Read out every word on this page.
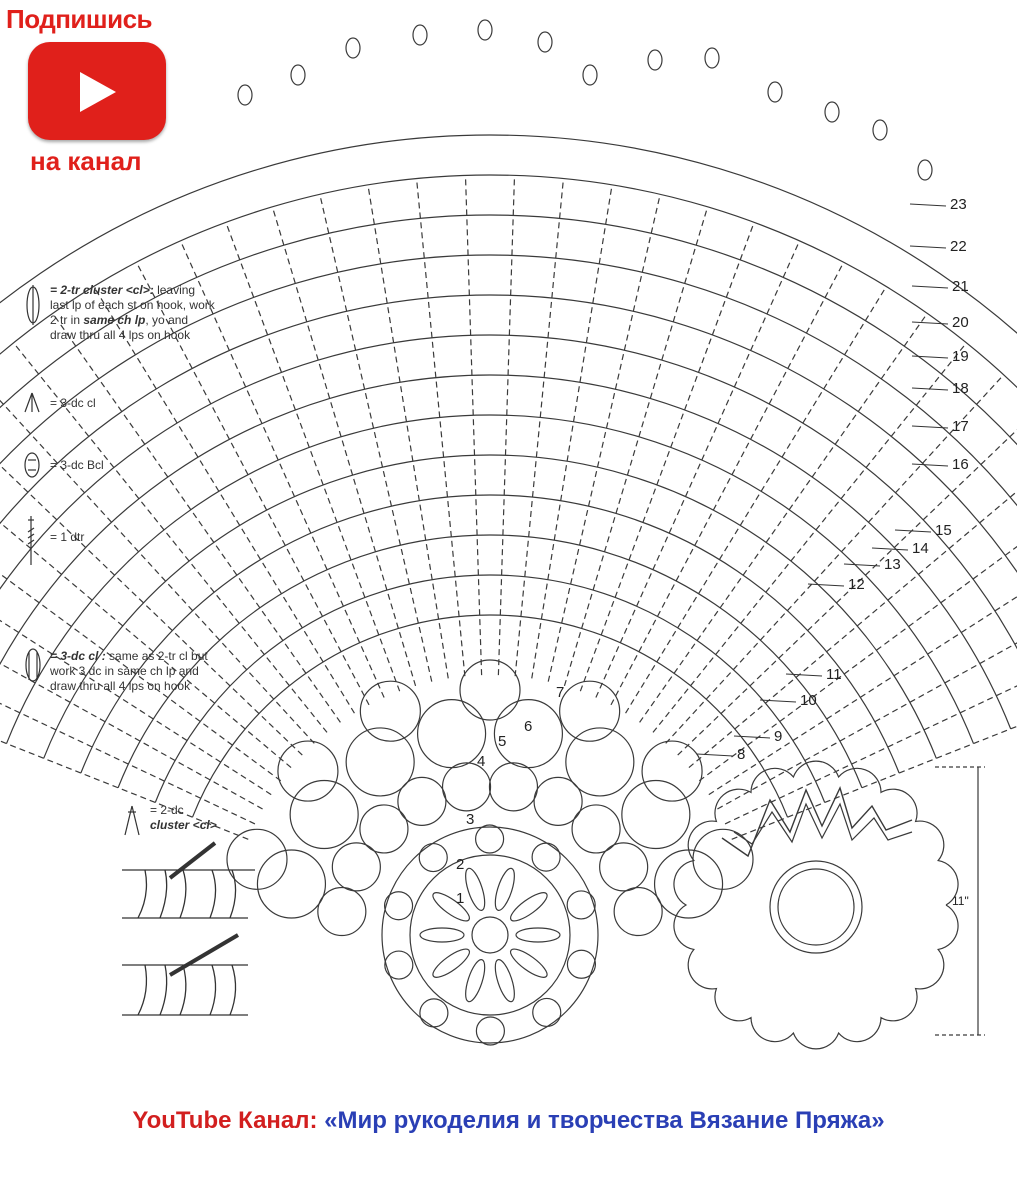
Подпишись
на канал
= 2-tr cluster <cl>: leaving
last lp of each st on hook, work
2 tr in same ch lp, yo and
draw thru all 4 lps on hook
= 3-dc cl
= 3-dc Bcl
= 1 dtr
= 3-dc cl : same as 2-tr cl but
work 3 dc in same ch lp and
draw thru all 4 lps on hook
= 2-dc
cluster <cl>
23
22
21
20
19
18
17
16
15
14
13
12
11
10
9
8
7
6
5
4
3
2
1	11"
YouTube Канал: «Мир рукоделия и творчества Вязание Пряжа»
